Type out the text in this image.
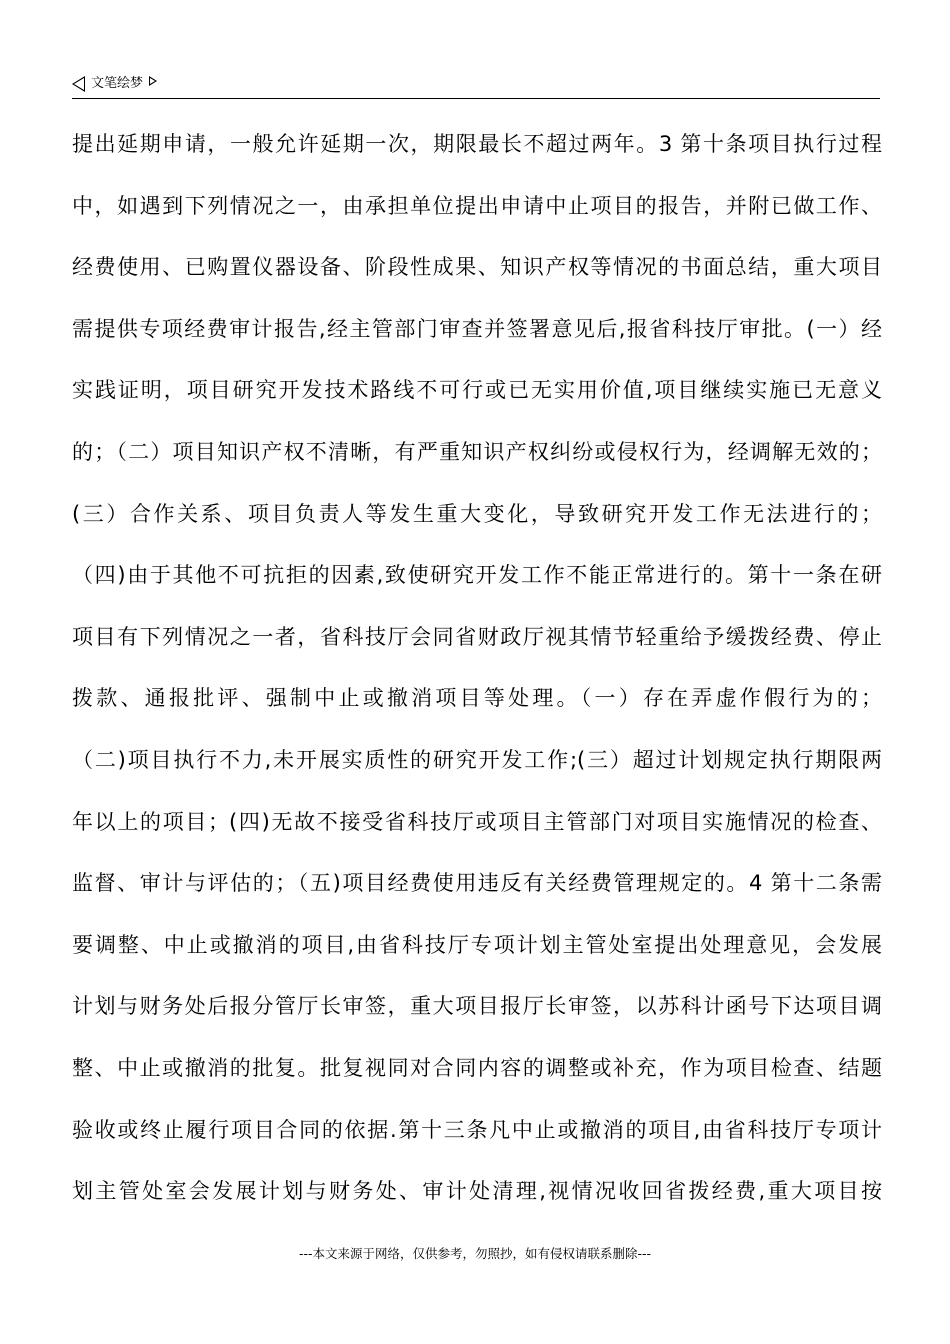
文笔绘梦
提出延期申请，一般允许延期一次，期限最长不超过两年。3 第十条项目执行过程
中，如遇到下列情况之一，由承担单位提出申请中止项目的报告，并附已做工作、
经费使用、已购置仪器设备、阶段性成果、知识产权等情况的书面总结，重大项目
需提供专项经费审计报告,经主管部门审查并签署意见后,报省科技厅审批。(一）经
实践证明，项目研究开发技术路线不可行或已无实用价值,项目继续实施已无意义
的；（二）项目知识产权不清晰，有严重知识产权纠纷或侵权行为，经调解无效的；
(三）合作关系、项目负责人等发生重大变化，导致研究开发工作无法进行的；
（四)由于其他不可抗拒的因素,致使研究开发工作不能正常进行的。第十一条在研
项目有下列情况之一者，省科技厅会同省财政厅视其情节轻重给予缓拨经费、停止
拨款、通报批评、强制中止或撤消项目等处理。（一）存在弄虚作假行为的；
（二)项目执行不力,未开展实质性的研究开发工作;(三）超过计划规定执行期限两
年以上的项目；(四)无故不接受省科技厅或项目主管部门对项目实施情况的检查、
监督、审计与评估的；（五)项目经费使用违反有关经费管理规定的。4 第十二条需
要调整、中止或撤消的项目,由省科技厅专项计划主管处室提出处理意见，会发展
计划与财务处后报分管厅长审签，重大项目报厅长审签，以苏科计函号下达项目调
整、中止或撤消的批复。批复视同对合同内容的调整或补充，作为项目检查、结题
验收或终止履行项目合同的依据.第十三条凡中止或撤消的项目,由省科技厅专项计
划主管处室会发展计划与财务处、审计处清理,视情况收回省拨经费,重大项目按
---本文来源于网络，仅供参考，勿照抄，如有侵权请联系删除---
